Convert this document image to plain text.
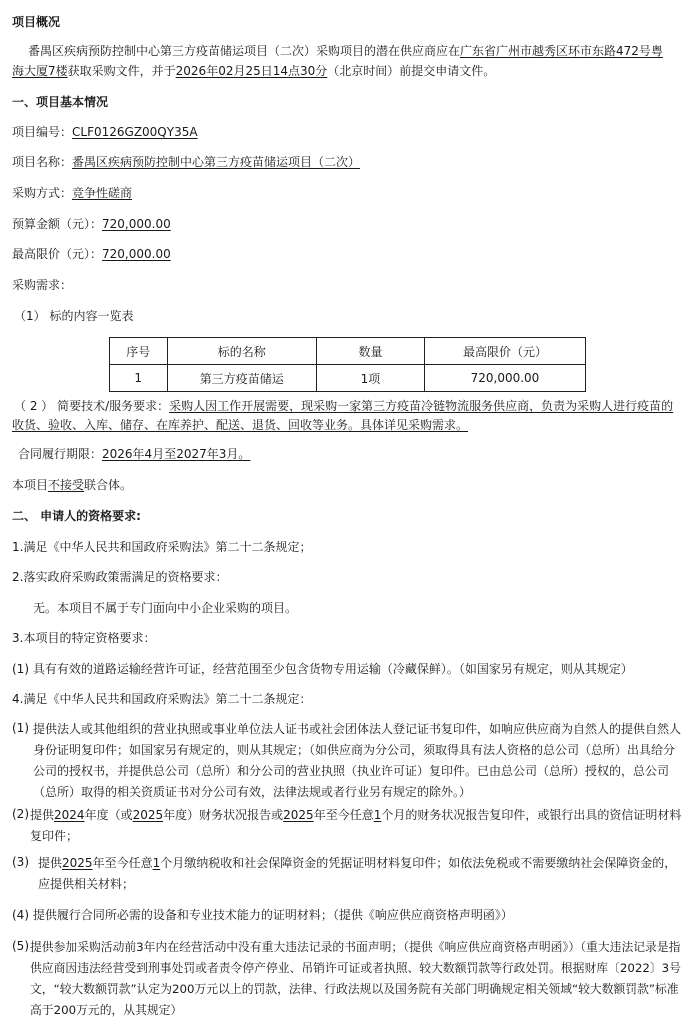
项目概况
番禺区疾病预防控制中心第三方疫苗储运项目（二次）采购项目的潜在供应商应在广东省广州市越秀区环市东路472号粤
海大厦7楼获取采购文件，并于2026年02月25日14点30分（北京时间）前提交申请文件。
一、项目基本情况
项目编号：CLF0126GZ00QY35A
项目名称：番禺区疾病预防控制中心第三方疫苗储运项目（二次）
采购方式：竞争性磋商
预算金额（元）：720,000.00
最高限价（元）：720,000.00
采购需求：
（1） 标的内容一览表
序号	标的名称	数量	最高限价（元）
1	第三方疫苗储运	1项	720,000.00
（ 2 ） 简要技术/服务要求：采购人因工作开展需要，现采购一家第三方疫苗冷链物流服务供应商，负责为采购人进行疫苗的
收货、验收、入库、储存、在库养护、配送、退货、回收等业务。具体详见采购需求。
合同履行期限：2026年4月至2027年3月。
本项目不接受联合体。
二、 申请人的资格要求:
1.满足《中华人民共和国政府采购法》第二十二条规定；
2.落实政府采购政策需满足的资格要求：
无。本项目不属于专门面向中小企业采购的项目。
3.本项目的特定资格要求：
(1) 具有有效的道路运输经营许可证，经营范围至少包含货物专用运输（冷藏保鲜）。（如国家另有规定，则从其规定）
4.满足《中华人民共和国政府采购法》第二十二条规定：
(1) 提供法人或其他组织的营业执照或事业单位法人证书或社会团体法人登记证书复印件，如响应供应商为自然人的提供自然人身份证明复印件；如国家另有规定的，则从其规定；（如供应商为分公司，须取得具有法人资格的总公司（总所）出具给分公司的授权书，并提供总公司（总所）和分公司的营业执照（执业许可证）复印件。已由总公司（总所）授权的，总公司（总所）取得的相关资质证书对分公司有效，法律法规或者行业另有规定的除外。）
(2) 提供2024年度（或2025年度）财务状况报告或2025年至今任意1个月的财务状况报告复印件，或银行出具的资信证明材料复印件；
(3) 提供2025年至今任意1个月缴纳税收和社会保障资金的凭据证明材料复印件；如依法免税或不需要缴纳社会保障资金的，应提供相关材料；
(4) 提供履行合同所必需的设备和专业技术能力的证明材料；（提供《响应供应商资格声明函》）
(5) 提供参加采购活动前3年内在经营活动中没有重大违法记录的书面声明；（提供《响应供应商资格声明函》）（重大违法记录是指供应商因违法经营受到刑事处罚或者责令停产停业、吊销许可证或者执照、较大数额罚款等行政处罚。根据财库〔2022〕3号文，“较大数额罚款”认定为200万元以上的罚款，法律、行政法规以及国务院有关部门明确规定相关领域“较大数额罚款”标准高于200万元的，从其规定）
